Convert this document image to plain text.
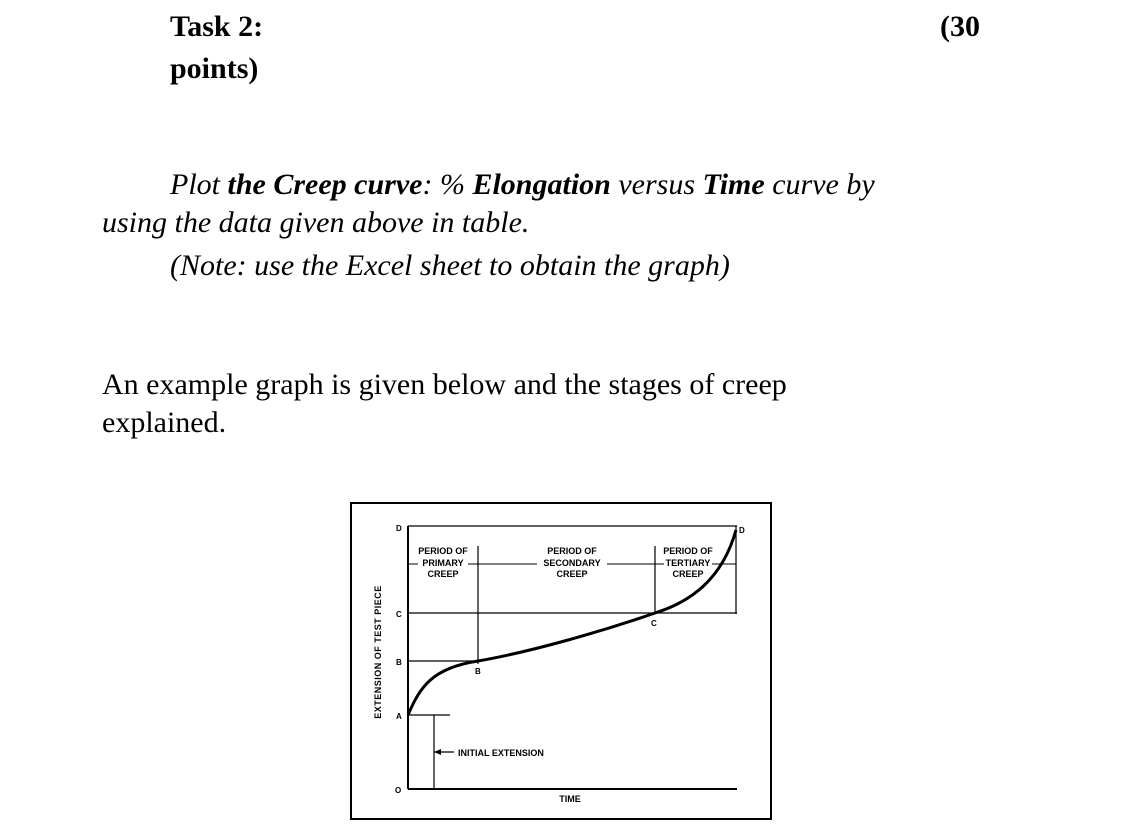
Task 2:	(30
points)
Plot the Creep curve: % Elongation versus Time curve by
using the data given above in table.
(Note: use the Excel sheet to obtain the graph)
An example graph is given below and the stages of creep
explained.
EXTENSION OF TEST PIECE
D
C
B
A
O
B
C
D
PERIOD OF
PRIMARY
CREEP
PERIOD OF
SECONDARY
CREEP
PERIOD OF
TERTIARY
CREEP
INITIAL EXTENSION
TIME
